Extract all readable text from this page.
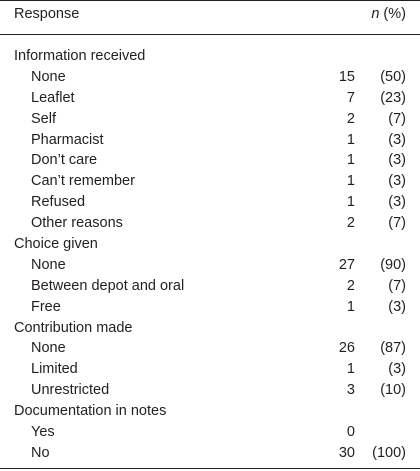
Response	n (%)
Information received
None	15 (50)
Leaflet	7 (23)
Self	2 (7)
Pharmacist	1 (3)
Don’t care	1 (3)
Can’t remember	1 (3)
Refused	1 (3)
Other reasons	2 (7)
Choice given
None	27 (90)
Between depot and oral	2 (7)
Free	1 (3)
Contribution made
None	26 (87)
Limited	1 (3)
Unrestricted	3 (10)
Documentation in notes
Yes	0
No	30 (100)
